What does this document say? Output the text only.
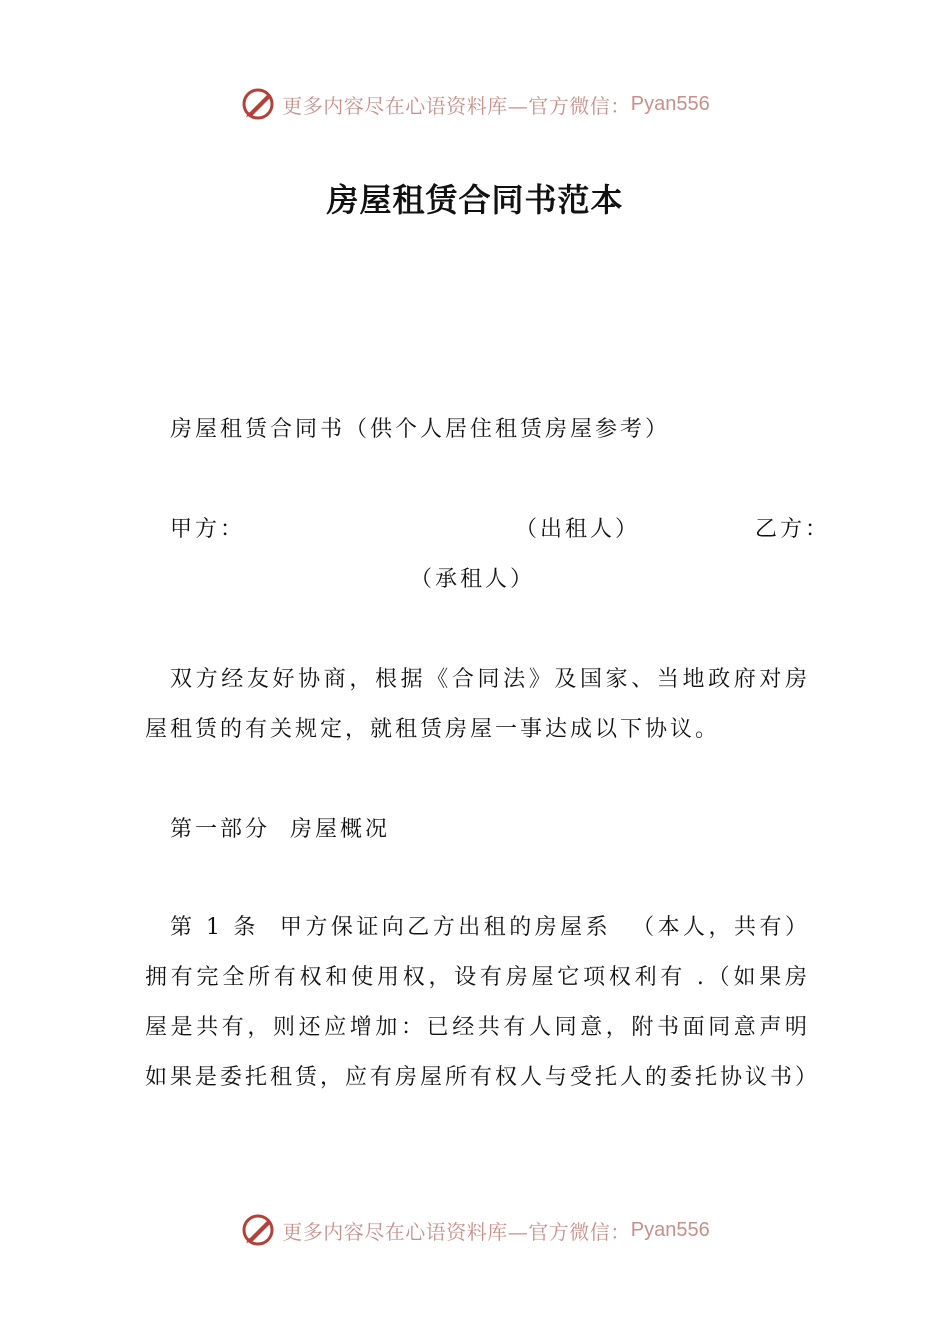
更多内容尽在心语资料库—官方微信： Pyan556
房屋租赁合同书范本
房屋租赁合同书（供个人居住租赁房屋参考）
甲方：	（出租人）	乙方：
（承租人）
双方经友好协商，根据《合同法》及国家、当地政府对房屋租赁的有关规定，就租赁房屋一事达成以下协议。
第一部分  房屋概况
第 1 条  甲方保证向乙方出租的房屋系  （本人，共有）拥有完全所有权和使用权，设有房屋它项权利有 .（如果房屋是共有，则还应增加：已经共有人同意，附书面同意声明如果是委托租赁，应有房屋所有权人与受托人的委托协议书）
更多内容尽在心语资料库—官方微信： Pyan556
